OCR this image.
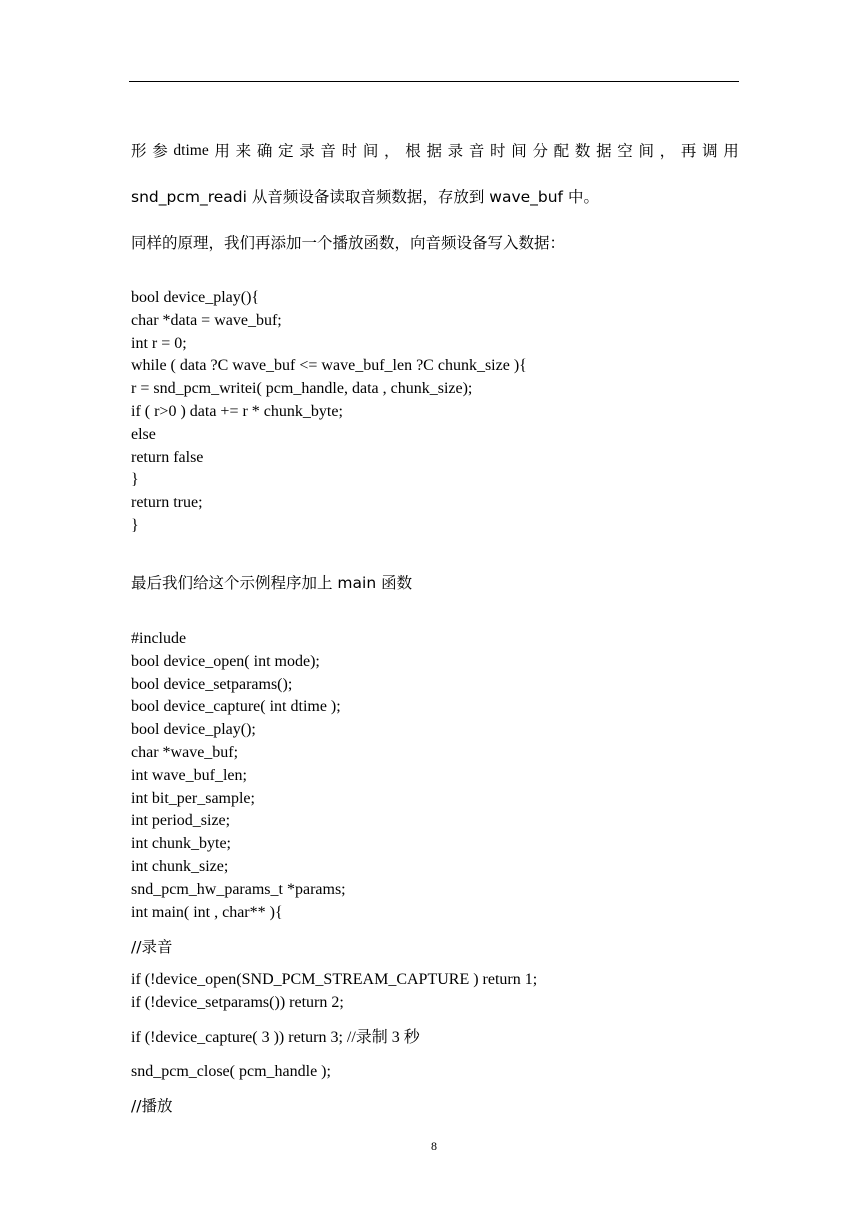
形 参 dtime 用 来 确 定 录 音 时 间 ， 根 据 录 音 时 间 分 配 数 据 空 间 ， 再 调 用
snd_pcm_readi 从音频设备读取音频数据，存放到 wave_buf 中。
同样的原理，我们再添加一个播放函数，向音频设备写入数据：
bool device_play(){
char *data = wave_buf;
int r = 0;
while ( data ?C wave_buf <= wave_buf_len ?C chunk_size ){
r = snd_pcm_writei( pcm_handle, data , chunk_size);
if ( r>0 ) data += r * chunk_byte;
else
return false
}
return true;
}
最后我们给这个示例程序加上 main 函数
#include
bool device_open( int mode);
bool device_setparams();
bool device_capture( int dtime );
bool device_play();
char *wave_buf;
int wave_buf_len;
int bit_per_sample;
int period_size;
int chunk_byte;
int chunk_size;
snd_pcm_hw_params_t *params;
int main( int , char** ){
//录音
if (!device_open(SND_PCM_STREAM_CAPTURE ) return 1;
if (!device_setparams()) return 2;
if (!device_capture( 3 )) return 3; //录制 3 秒
snd_pcm_close( pcm_handle );
//播放
8
